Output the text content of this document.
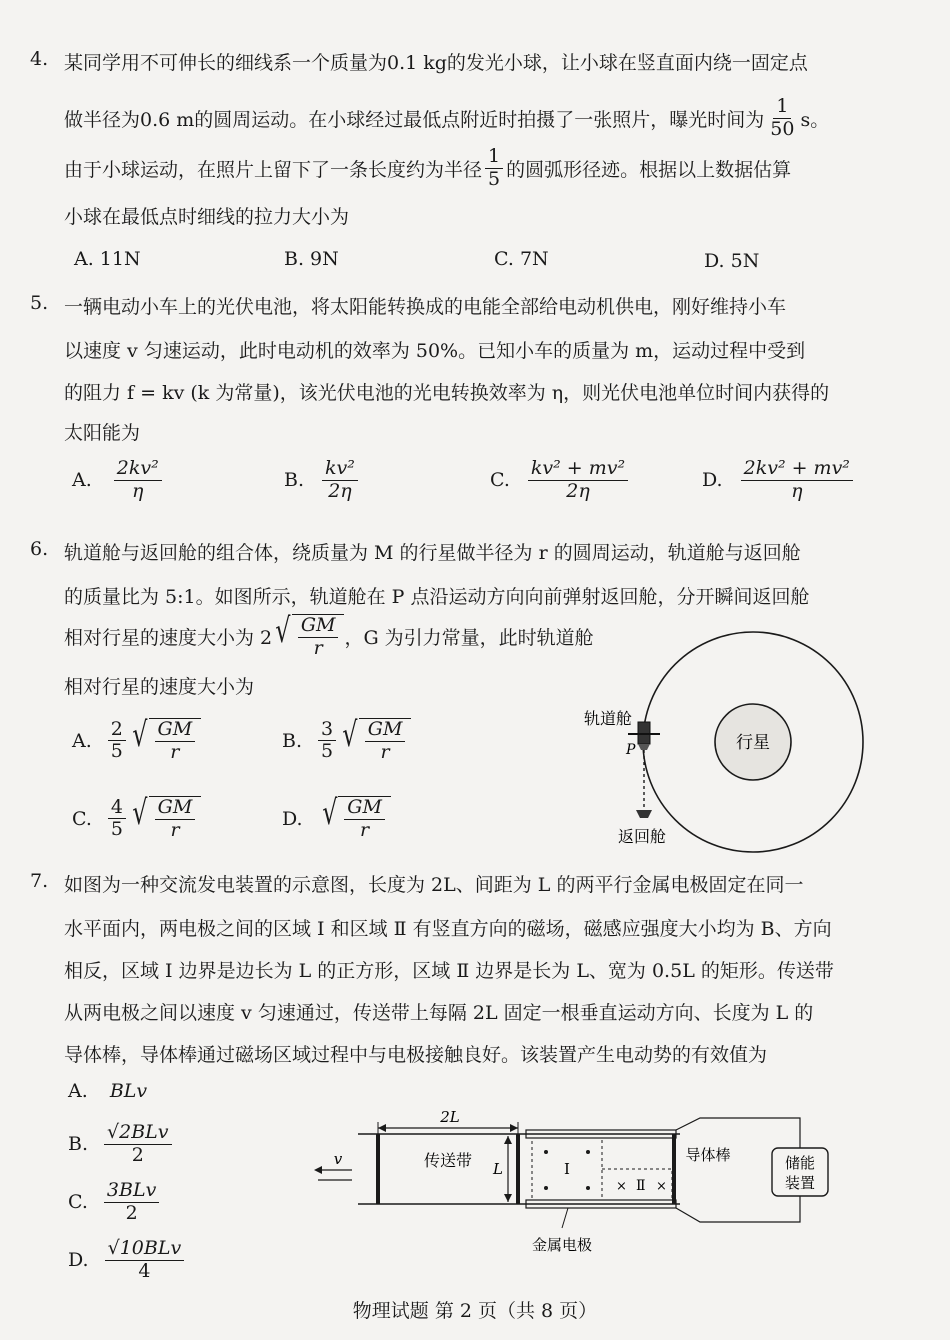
4. 某同学用不可伸长的细线系一个质量为0.1 kg的发光小球，让小球在竖直面内绕一固定点
做半径为0.6 m的圆周运动。在小球经过最低点附近时拍摄了一张照片，曝光时间为 $\frac{1}{50}$ s。
由于小球运动，在照片上留下了一条长度约为半径 $\frac{1}{5}$ 的圆弧形径迹。根据以上数据估算
小球在最低点时细线的拉力大小为
A. 11N	B. 9N	C. 7N	D. 5N
5. 一辆电动小车上的光伏电池，将太阳能转换成的电能全部给电动机供电，刚好维持小车
以速度 v 匀速运动，此时电动机的效率为 50%。已知小车的质量为 m，运动过程中受到
的阻力 f = kv (k 为常量)，该光伏电池的光电转换效率为 η，则光伏电池单位时间内获得的
太阳能为
A. $\frac{\text{2kv²}}{\eta}$	B. $\frac{\text{kv²}}{2\eta}$	C. $\frac{\text{kv² + mv²}}{2\eta}$	D. $\frac{\text{2kv² + mv²}}{\eta}$
6. 轨道舱与返回舱的组合体，绕质量为 M 的行星做半径为 r 的圆周运动，轨道舱与返回舱
的质量比为 5:1。如图所示，轨道舱在 P 点沿运动方向向前弹射返回舱，分开瞬间返回舱
相对行星的速度大小为 2 √ $\frac{GM}{r}$ ，G 为引力常量，此时轨道舱
相对行星的速度大小为
A. $\frac{2}{5}$ √ $\frac{GM}{r}$	B. $\frac{3}{5}$ √ $\frac{GM}{r}$
C. $\frac{4}{5}$ √ $\frac{GM}{r}$	D. √ $\frac{GM}{r}$
行星
轨道舱
P
返回舱
7. 如图为一种交流发电装置的示意图，长度为 2L、间距为 L 的两平行金属电极固定在同一
水平面内，两电极之间的区域 Ⅰ 和区域 Ⅱ 有竖直方向的磁场，磁感应强度大小均为 B、方向
相反，区域 Ⅰ 边界是边长为 L 的正方形，区域 Ⅱ 边界是长为 L、宽为 0.5L 的矩形。传送带
从两电极之间以速度 v 匀速通过，传送带上每隔 2L 固定一根垂直运动方向、长度为 L 的
导体棒，导体棒通过磁场区域过程中与电极接触良好。该装置产生电动势的有效值为
A. BLv
B. $\frac{\text{√2BLv}}{2}$
C. $\frac{\text{3BLv}}{2}$
D. $\frac{\text{√10BLv}}{4}$
2L
v	传送带 L	Ⅰ
× Ⅱ ×
导体棒	储能
装置
金属电极
物理试题 第 2 页（共 8 页）
